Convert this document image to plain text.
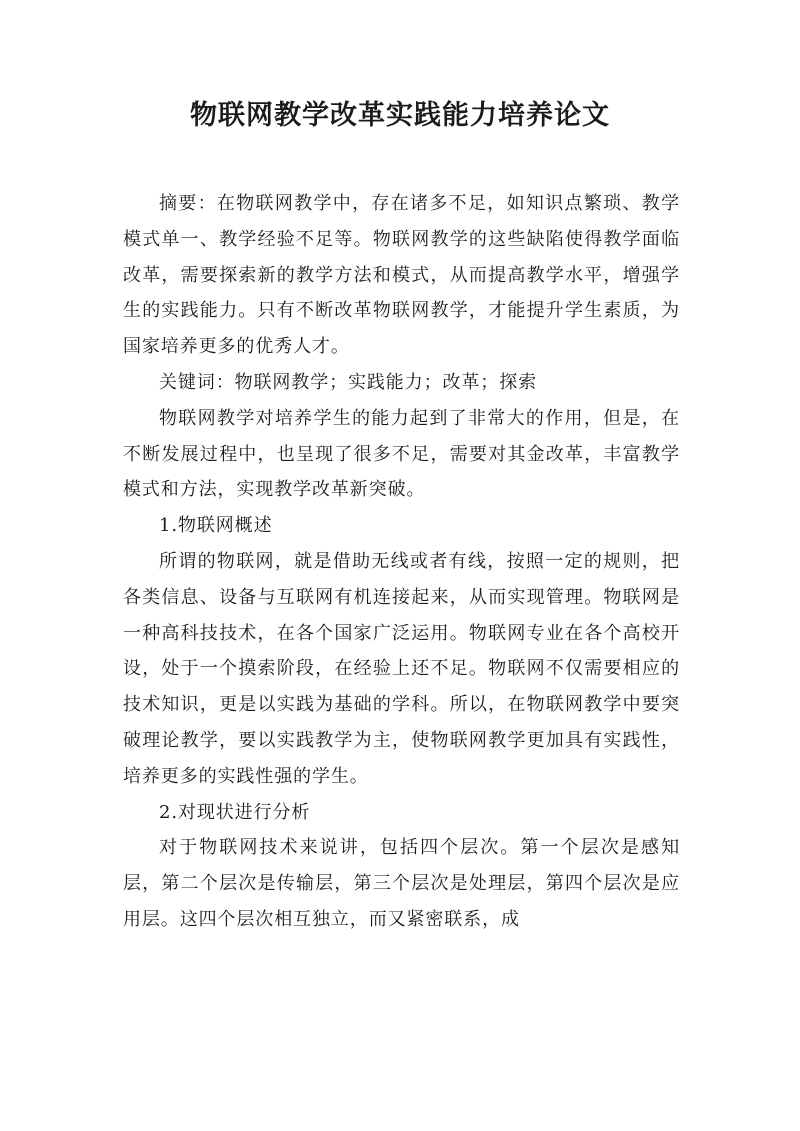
物联网教学改革实践能力培养论文

摘要：在物联网教学中，存在诸多不足，如知识点繁琐、教学模式单一、教学经验不足等。物联网教学的这些缺陷使得教学面临改革，需要探索新的教学方法和模式，从而提高教学水平，增强学生的实践能力。只有不断改革物联网教学，才能提升学生素质，为国家培养更多的优秀人才。

关键词：物联网教学；实践能力；改革；探索

物联网教学对培养学生的能力起到了非常大的作用，但是，在不断发展过程中，也呈现了很多不足，需要对其金改革，丰富教学模式和方法，实现教学改革新突破。

1.物联网概述

所谓的物联网，就是借助无线或者有线，按照一定的规则，把各类信息、设备与互联网有机连接起来，从而实现管理。物联网是一种高科技技术，在各个国家广泛运用。物联网专业在各个高校开设，处于一个摸索阶段，在经验上还不足。物联网不仅需要相应的技术知识，更是以实践为基础的学科。所以，在物联网教学中要突破理论教学，要以实践教学为主，使物联网教学更加具有实践性，培养更多的实践性强的学生。

2.对现状进行分析

对于物联网技术来说讲，包括四个层次。第一个层次是感知层，第二个层次是传输层，第三个层次是处理层，第四个层次是应用层。这四个层次相互独立，而又紧密联系，成
